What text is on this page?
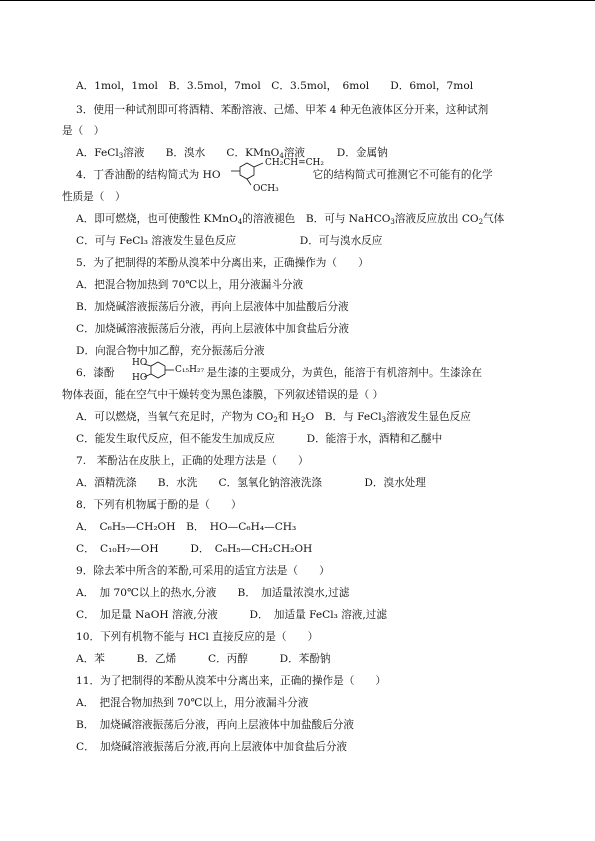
A．1mol，1mol　B．3.5mol，7mol　C．3.5mol，　6mol　　D．6mol，7mol
3．使用一种试剂即可将酒精、苯酚溶液、己烯、甲苯 4 种无色液体区分开来，这种试剂
是（　）
A．FeCl$_3$溶液　　B．溴水　　C．KMnO$_4$溶液　　　D．金属钠
4．丁香油酚的结构简式为 HO	它的结构简式可推测它不可能有的化学
CH₂CH=CH₂
OCH₃
性质是（　）
A．即可燃烧，也可使酸性 KMnO$_4$的溶液褪色　B．可与 NaHCO$_3$溶液反应放出 $CO_2$气体
C．可与 FeCl₃ 溶液发生显色反应　　　　　　D．可与溴水反应
5．为了把制得的苯酚从溴苯中分离出来，正确操作为（　　）
A．把混合物加热到 70℃以上，用分液漏斗分液
B．加烧碱溶液振荡后分液，再向上层液体中加盐酸后分液
C．加烧碱溶液振荡后分液，再向上层液体中加食盐后分液
D．向混合物中加乙醇，充分振荡后分液
6．漆酚	是生漆的主要成分，为黄色，能溶于有机溶剂中。生漆涂在
HO
HO
C₁₅H₂₇
物体表面，能在空气中干燥转变为黑色漆膜，下列叙述错误的是（ ）
A．可以燃烧，当氧气充足时，产物为 $CO_2$和 $H_2O$　B．与 FeCl$_3$溶液发生显色反应
C．能发生取代反应，但不能发生加成反应　　　D．能溶于水，酒精和乙醚中
7.　苯酚沾在皮肤上，正确的处理方法是（　　）
A．酒精洗涤　　B．水洗　　C．氢氧化钠溶液洗涤　　　　D．溴水处理
8．下列有机物属于酚的是（　　）
A．　C₆H₅—CH₂OH　B．　HO—C₆H₄—CH₃
C．　C₁₀H₇—OH　　　D．　C₆H₅—CH₂CH₂OH
9．除去苯中所含的苯酚,可采用的适宜方法是（　　）
A．　加 70℃以上的热水,分液　　B．　加适量浓溴水,过滤
C．　加足量 NaOH 溶液,分液　　　D．　加适量 FeCl₃ 溶液,过滤
10．下列有机物不能与 HCl 直接反应的是（　　）
A．苯　　　B．乙烯　　　C．丙醇　　　D．苯酚钠
11．为了把制得的苯酚从溴苯中分离出来，正确的操作是（　　）
A．　把混合物加热到 70℃以上，用分液漏斗分液
B．　加烧碱溶液振荡后分液，再向上层液体中加盐酸后分液
C．　加烧碱溶液振荡后分液,再向上层液体中加食盐后分液
